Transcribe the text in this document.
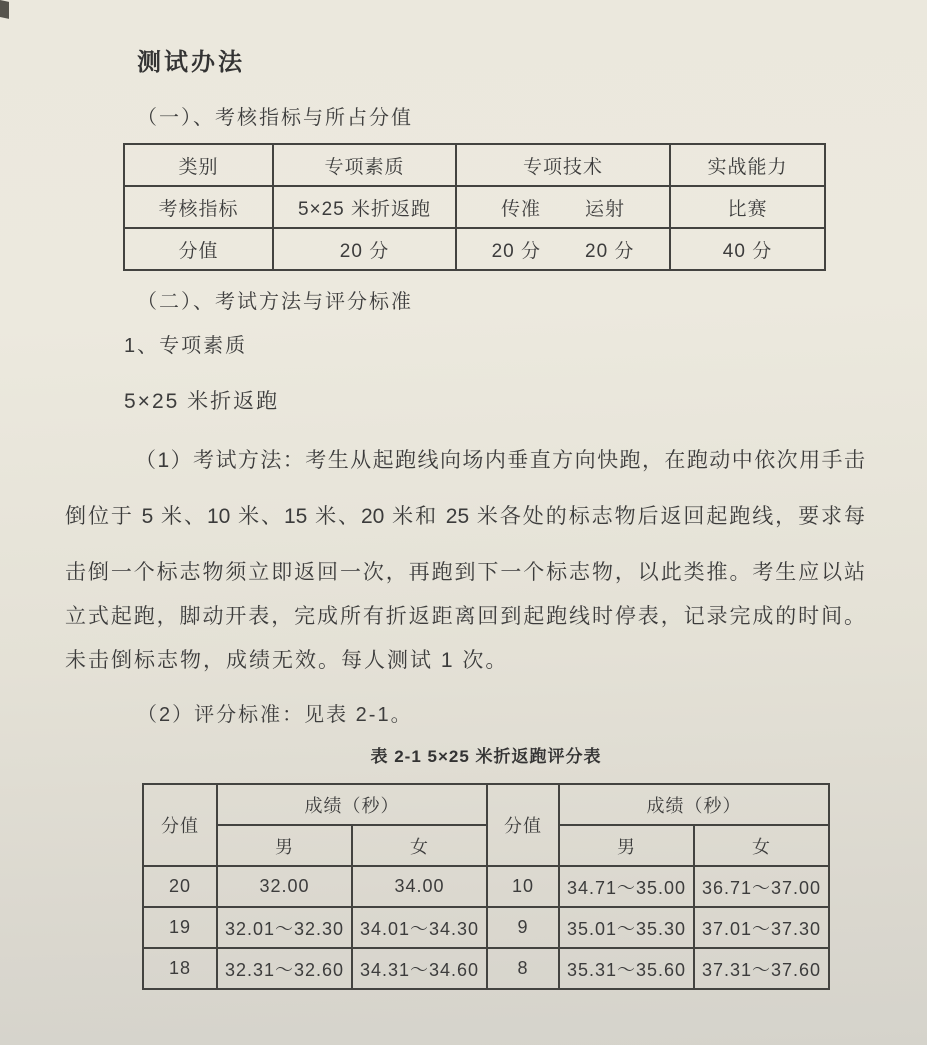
测试办法
（一）、考核指标与所占分值
类别	专项素质	专项技术	实战能力
考核指标	5×25 米折返跑	传准 运射	比赛
分值	20 分	20 分 20 分	40 分
（二）、考试方法与评分标准
1、专项素质
5×25 米折返跑
（1）考试方法：考生从起跑线向场内垂直方向快跑，在跑动中依次用手击
倒位于 5 米、10 米、15 米、20 米和 25 米各处的标志物后返回起跑线，要求每
击倒一个标志物须立即返回一次，再跑到下一个标志物，以此类推。考生应以站
立式起跑，脚动开表，完成所有折返距离回到起跑线时停表，记录完成的时间。
未击倒标志物，成绩无效。每人测试 1 次。
（2）评分标准：见表 2-1。
表 2-1 5×25 米折返跑评分表
分值	成绩（秒）		分值	成绩（秒）	
	男	女		男	女
20	32.00	34.00	10	34.71～35.00	36.71～37.00
19	32.01～32.30	34.01～34.30	9	35.01～35.30	37.01～37.30
18	32.31～32.60	34.31～34.60	8	35.31～35.60	37.31～37.60
